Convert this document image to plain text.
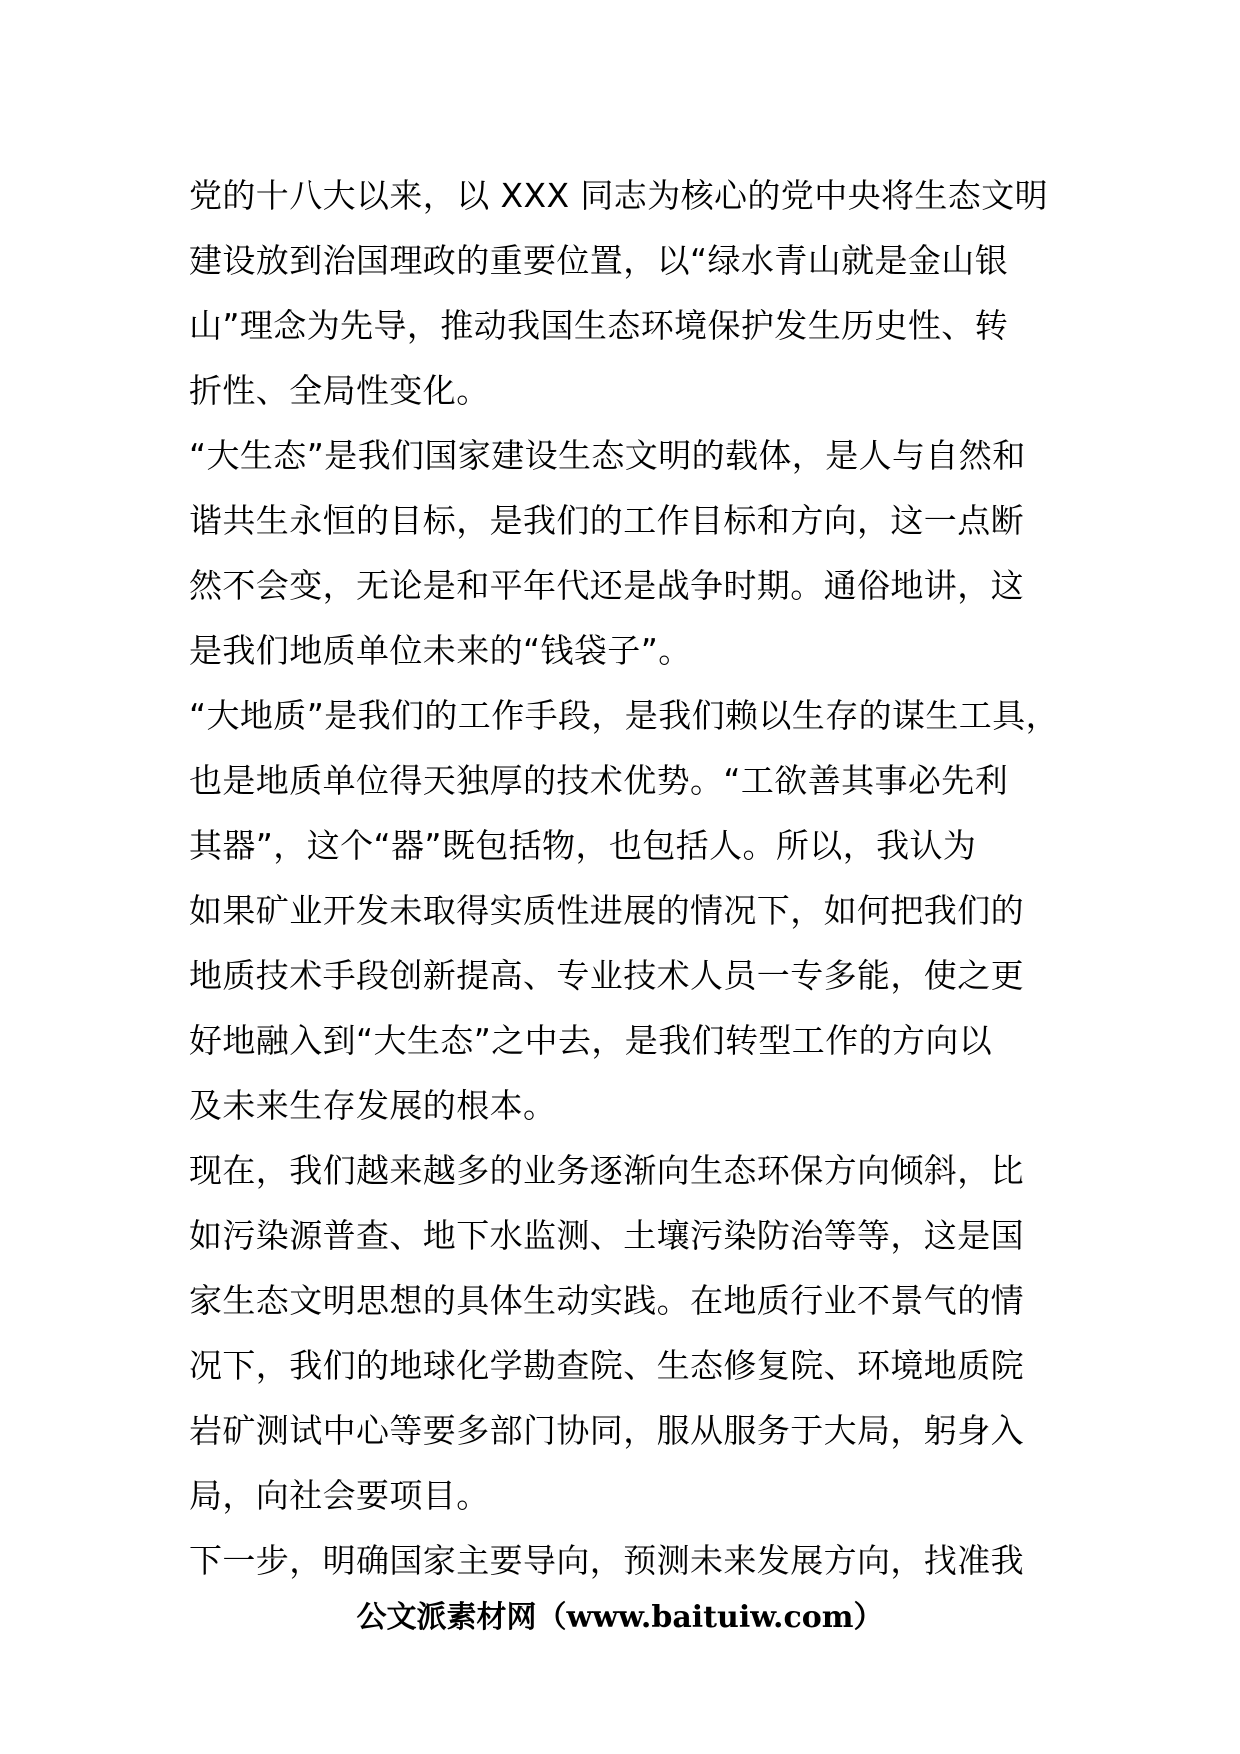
党的十八大以来，以 XXX 同志为核心的党中央将生态文明
建设放到治国理政的重要位置，以“绿水青山就是金山银
山”理念为先导，推动我国生态环境保护发生历史性、转
折性、全局性变化。
“大生态”是我们国家建设生态文明的载体，是人与自然和
谐共生永恒的目标，是我们的工作目标和方向，这一点断
然不会变，无论是和平年代还是战争时期。通俗地讲，这
是我们地质单位未来的“钱袋子”。
“大地质”是我们的工作手段，是我们赖以生存的谋生工具，
也是地质单位得天独厚的技术优势。“工欲善其事必先利
其器”，这个“器”既包括物，也包括人。所以，我认为
如果矿业开发未取得实质性进展的情况下，如何把我们的
地质技术手段创新提高、专业技术人员一专多能，使之更
好地融入到“大生态”之中去，是我们转型工作的方向以
及未来生存发展的根本。
现在，我们越来越多的业务逐渐向生态环保方向倾斜，比
如污染源普查、地下水监测、土壤污染防治等等，这是国
家生态文明思想的具体生动实践。在地质行业不景气的情
况下，我们的地球化学勘查院、生态修复院、环境地质院
岩矿测试中心等要多部门协同，服从服务于大局，躬身入
局，向社会要项目。
下一步，明确国家主要导向，预测未来发展方向，找准我
公文派素材网（www.baituiw.com）
